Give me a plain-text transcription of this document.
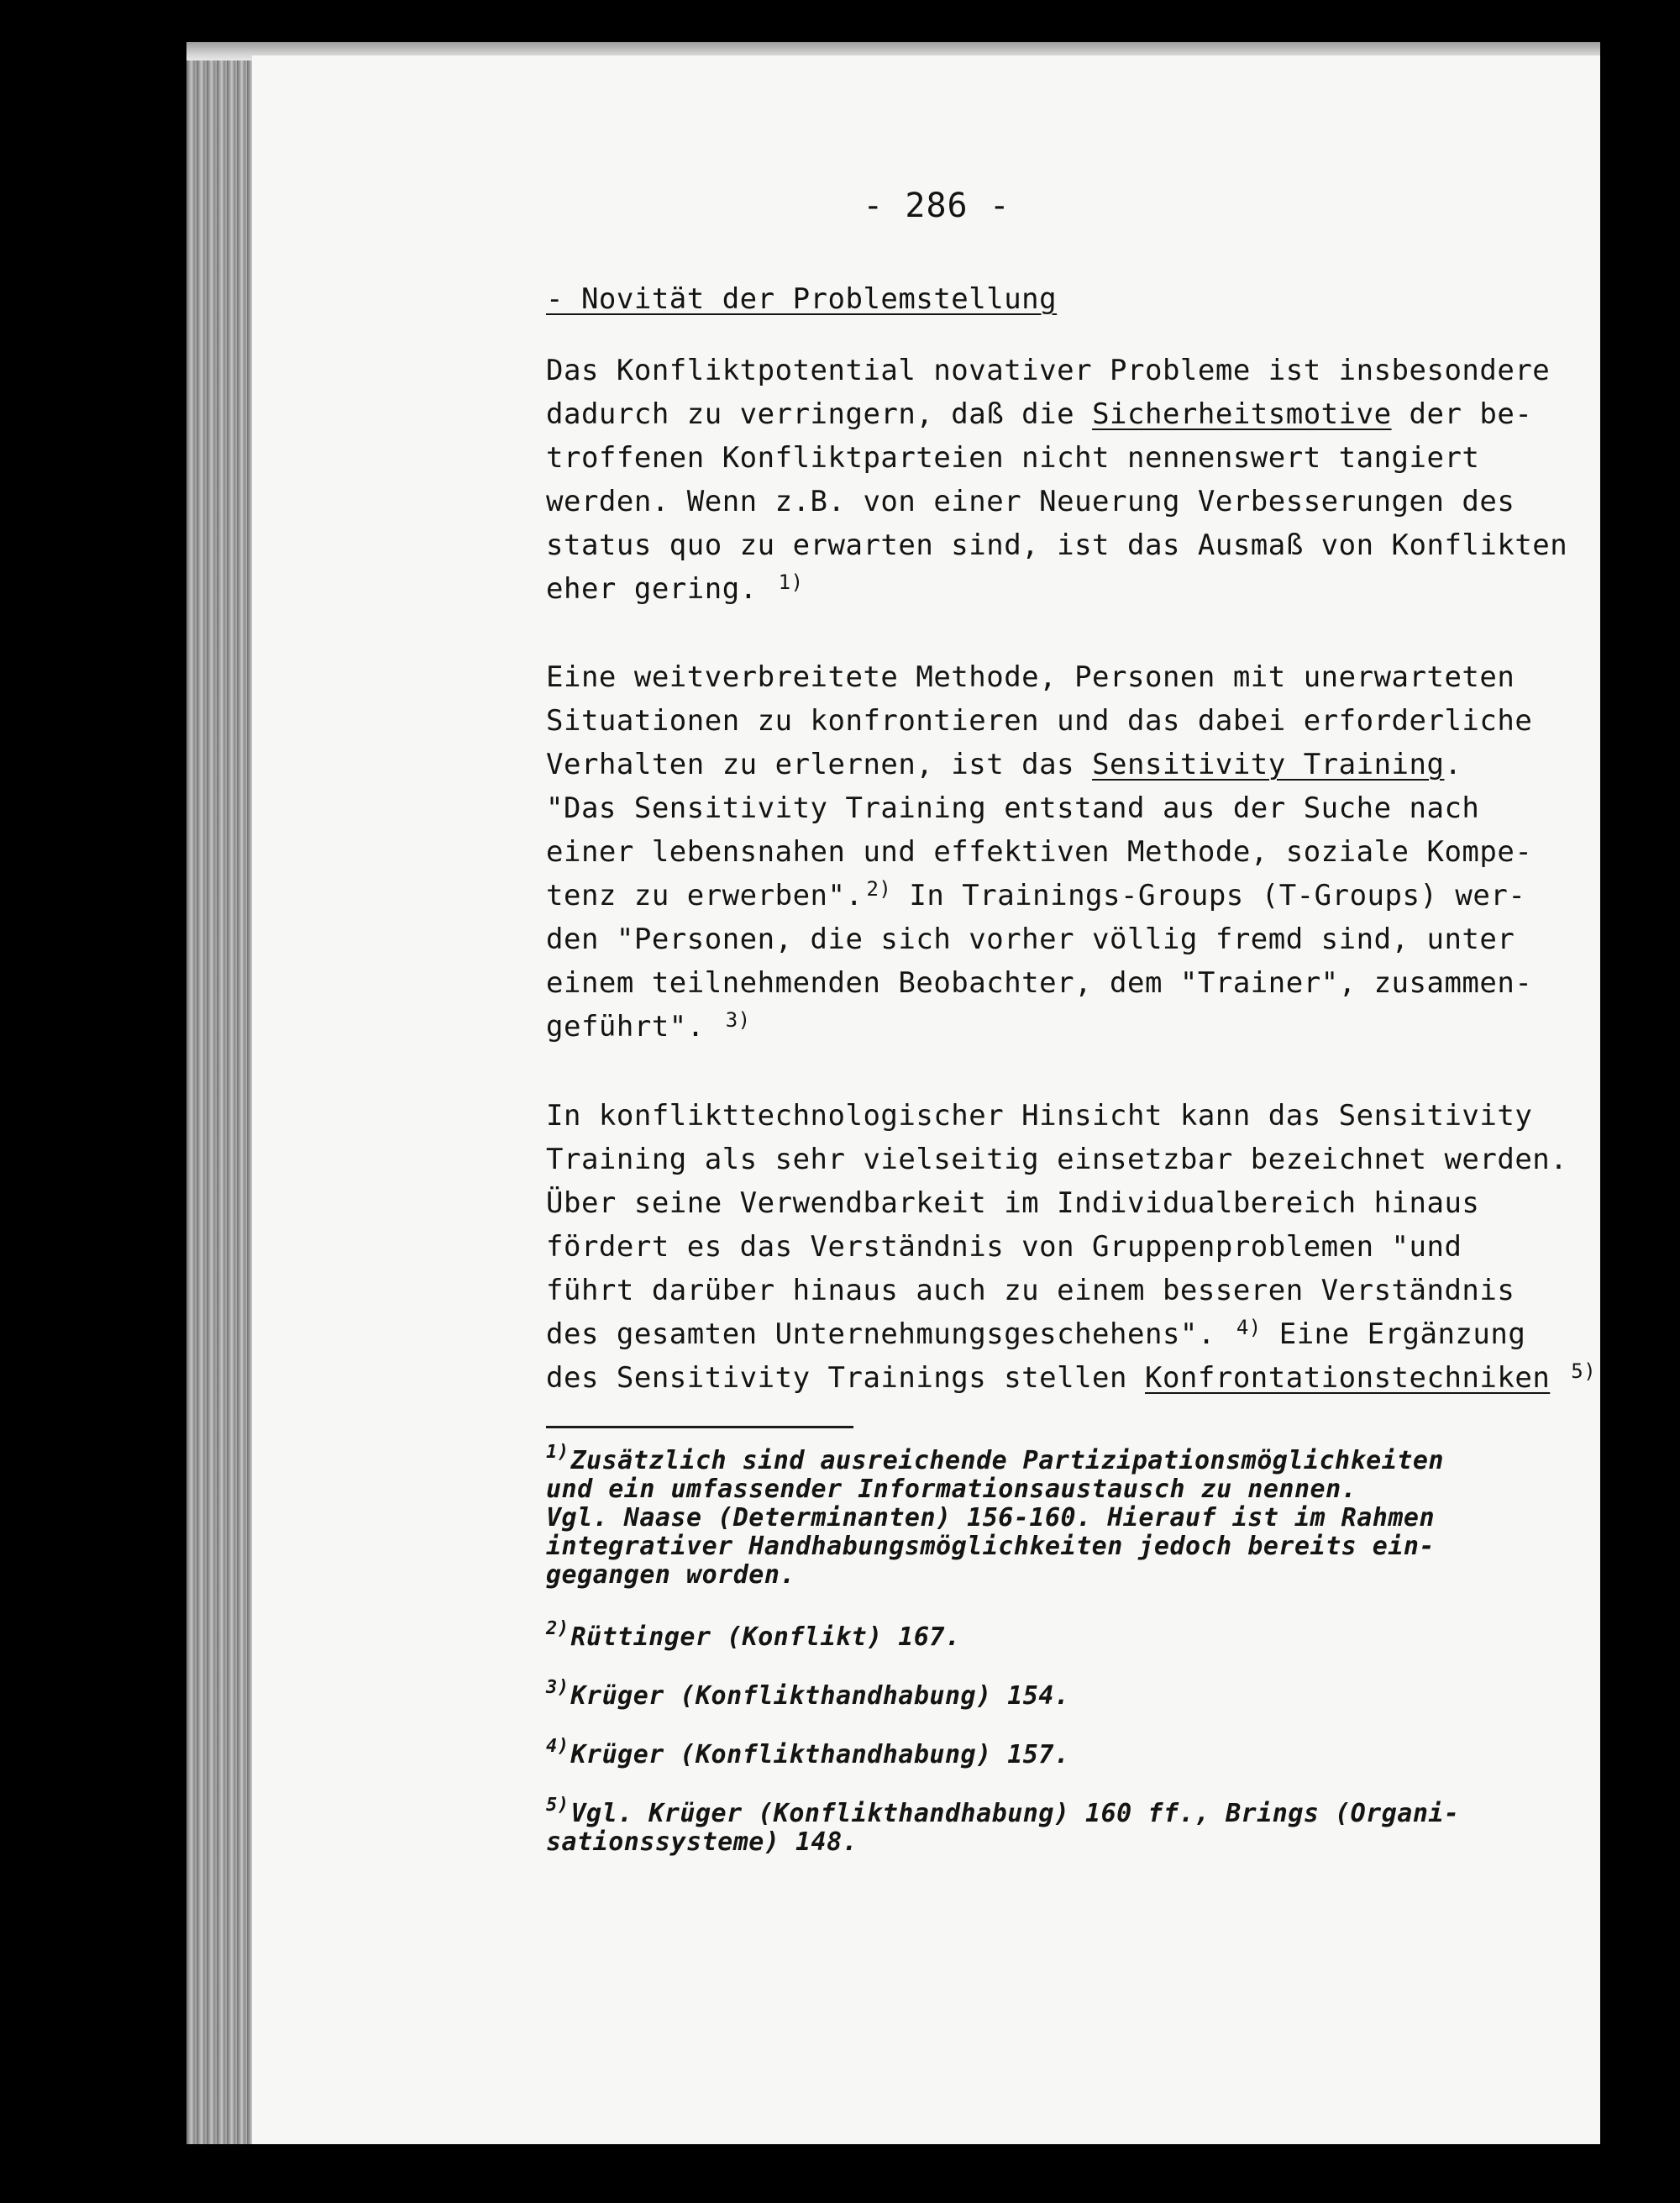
- 286 -
- Novität der Problemstellung
Das Konfliktpotential novativer Probleme ist insbesondere
dadurch zu verringern, daß die Sicherheitsmotive der be-
troffenen Konfliktparteien nicht nennenswert tangiert
werden. Wenn z.B. von einer Neuerung Verbesserungen des
status quo zu erwarten sind, ist das Ausmaß von Konflikten
eher gering. $^{1)}$
Eine weitverbreitete Methode, Personen mit unerwarteten
Situationen zu konfrontieren und das dabei erforderliche
Verhalten zu erlernen, ist das Sensitivity Training.
"Das Sensitivity Training entstand aus der Suche nach
einer lebensnahen und effektiven Methode, soziale Kompe-
tenz zu erwerben". $^{2)}$ In Trainings-Groups (T-Groups) wer-
den "Personen, die sich vorher völlig fremd sind, unter
einem teilnehmenden Beobachter, dem "Trainer", zusammen-
geführt". $^{3)}$
In konflikttechnologischer Hinsicht kann das Sensitivity
Training als sehr vielseitig einsetzbar bezeichnet werden.
Über seine Verwendbarkeit im Individualbereich hinaus
fördert es das Verständnis von Gruppenproblemen "und
führt darüber hinaus auch zu einem besseren Verständnis
des gesamten Unternehmungsgeschehens". $^{4)}$ Eine Ergänzung
des Sensitivity Trainings stellen Konfrontationstechniken $^{5)}$
$^{1)}$Zusätzlich sind ausreichende Partizipationsmöglichkeiten
und ein umfassender Informationsaustausch zu nennen.
Vgl. Naase (Determinanten) 156-160. Hierauf ist im Rahmen
integrativer Handhabungsmöglichkeiten jedoch bereits ein-
gegangen worden.
$^{2)}$Rüttinger (Konflikt) 167.
$^{3)}$Krüger (Konflikthandhabung) 154.
$^{4)}$Krüger (Konflikthandhabung) 157.
$^{5)}$Vgl. Krüger (Konflikthandhabung) 160 ff., Brings (Organi-
sationssysteme) 148.
